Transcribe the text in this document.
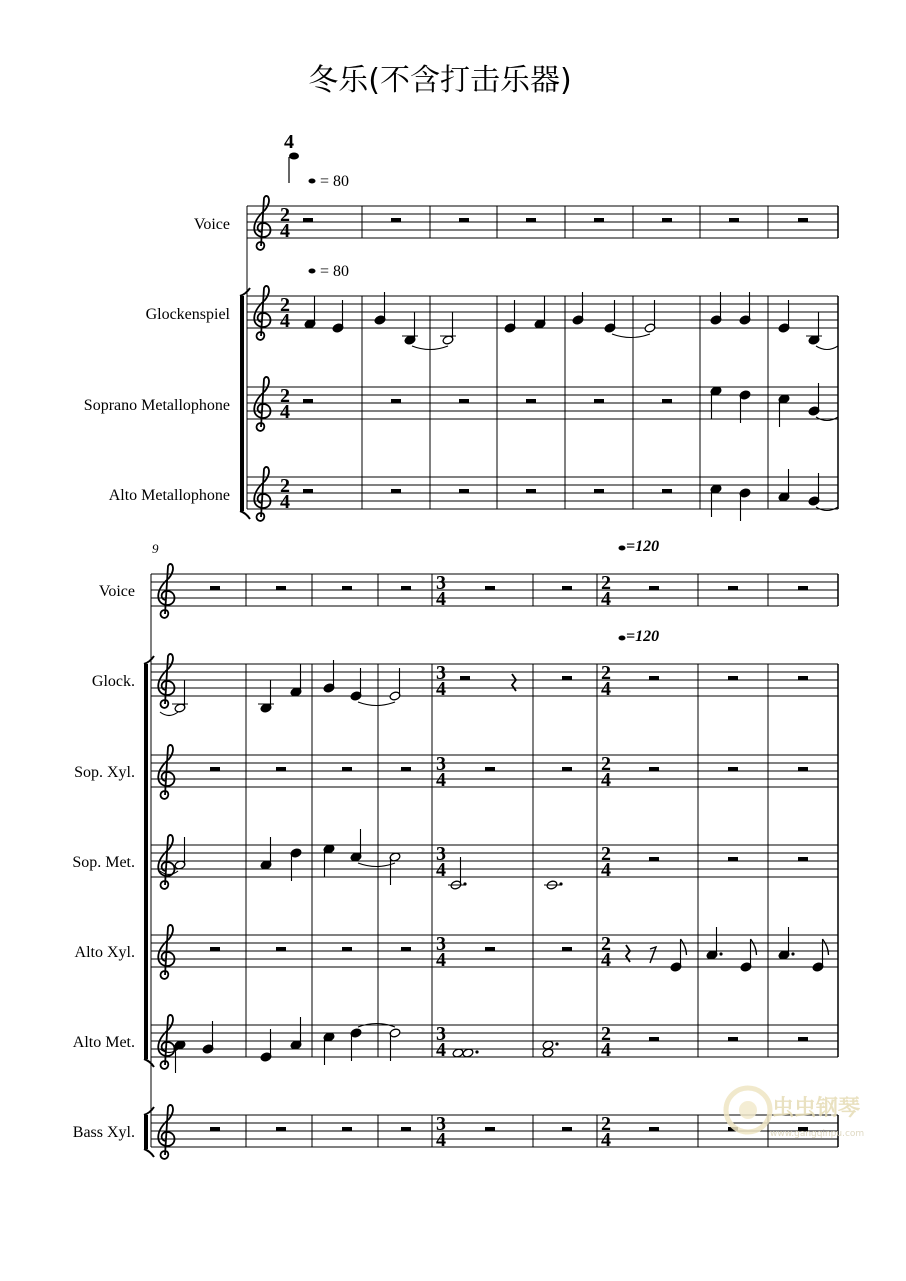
冬乐(不含打击乐器)
4
= 80
= 80
Voice
Glockenspiel
Soprano Metallophone
Alto Metallophone
2
4
2
4
2
4
2
4
9	=120
=120
Voice
Glock.
Sop. Xyl.
Sop. Met.
Alto Xyl.
Alto Met.
Bass Xyl.
3
4
2
4
3
4
2
4
3
4
2
4
3
4
2
4
3
4
2
4
3
4
2
4
3
4
2
4
虫虫钢琴
www.gangqinpu.com
